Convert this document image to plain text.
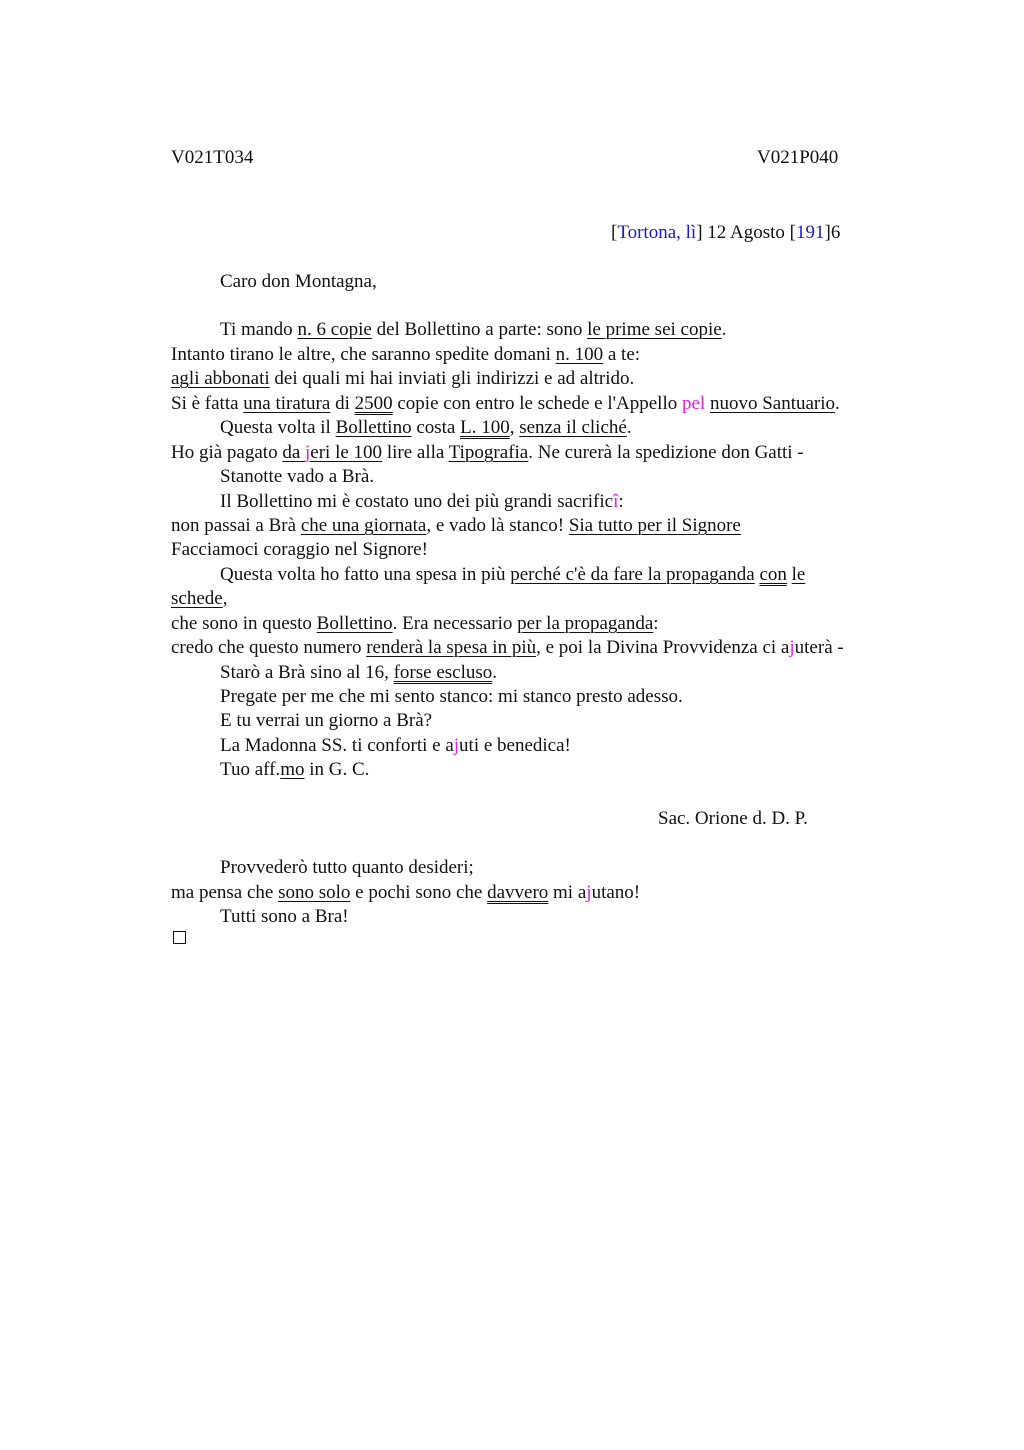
V021T034	V021P040
[Tortona, lì] 12 Agosto [191]6
Caro don Montagna,
Ti mando n. 6 copie del Bollettino a parte: sono le prime sei copie.
Intanto tirano le altre, che saranno spedite domani n. 100 a te:
agli abbonati dei quali mi hai inviati gli indirizzi e ad altrido.
Si è fatta una tiratura di 2500 copie con entro le schede e l'Appello pel nuovo Santuario.
Questa volta il Bollettino costa L. 100, senza il cliché.
Ho già pagato da jeri le 100 lire alla Tipografia. Ne curerà la spedizione don Gatti -
Stanotte vado a Brà.
Il Bollettino mi è costato uno dei più grandi sacrificî:
non passai a Brà che una giornata, e vado là stanco! Sia tutto per il Signore
Facciamoci coraggio nel Signore!
Questa volta ho fatto una spesa in più perché c'è da fare la propaganda con le
schede,
che sono in questo Bollettino. Era necessario per la propaganda:
credo che questo numero renderà la spesa in più, e poi la Divina Provvidenza ci ajuterà -
Starò a Brà sino al 16, forse escluso.
Pregate per me che mi sento stanco: mi stanco presto adesso.
E tu verrai un giorno a Brà?
La Madonna SS. ti conforti e ajuti e benedica!
Tuo aff.mo in G. C.
Sac. Orione d. D. P.
Provvederò tutto quanto desideri;
ma pensa che sono solo e pochi sono che davvero mi ajutano!
Tutti sono a Bra!
